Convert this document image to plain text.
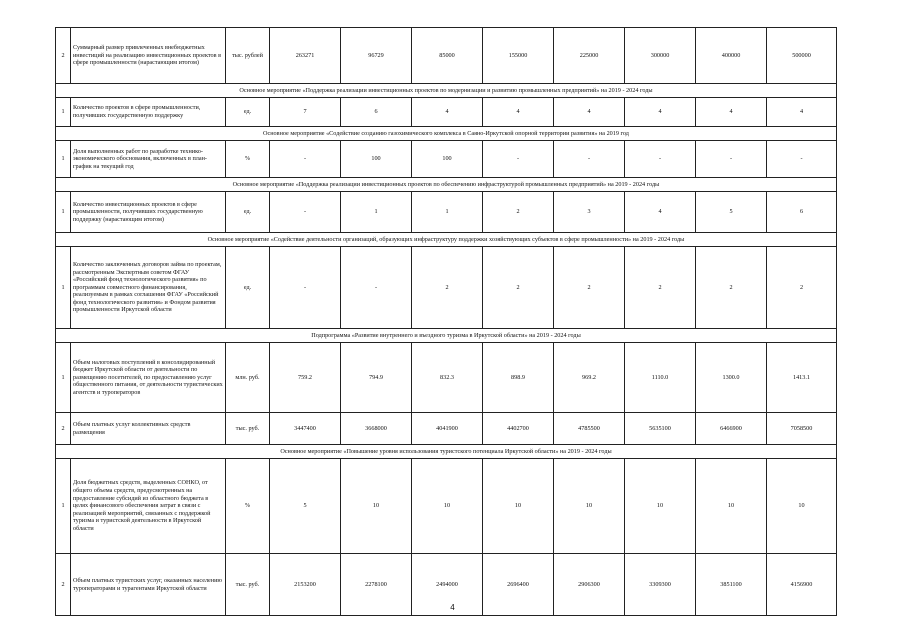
2	Суммарный размер привлеченных внебюджетных инвестиций на реализацию инвестиционных проектов в сфере промышленности (нарастающим итогом)	тыс. рублей	263271	96729	85000	155000	225000	300000	400000	500000
Основное мероприятие «Поддержка реализации инвестиционных проектов по модернизации и развитию промышленных предприятий» на 2019 - 2024 годы										
1	Количество проектов в сфере промышленности, получивших государственную поддержку	ед.	7	6	4	4	4	4	4	4
Основное мероприятие «Содействие созданию газохимического комплекса в Саяно-Иркутской опорной территории развития» на 2019 год										
1	Доля выполненных работ по разработке технико-экономического обоснования, включенных в план-график на текущий год	%	-	100	100	-	-	-	-	-
Основное мероприятие «Поддержка реализации инвестиционных проектов по обеспечению инфраструктурой промышленных предприятий» на 2019 - 2024 годы										
1	Количество инвестиционных проектов в сфере промышленности, получивших государственную поддержку (нарастающим итогом)	ед.	-	1	1	2	3	4	5	6
Основное мероприятие «Содействие деятельности организаций, образующих инфраструктуру поддержки хозяйствующих субъектов в сфере промышленности» на 2019 - 2024 годы										
1	Количество заключенных договоров займа по проектам, рассмотренным Экспертным советом ФГАУ «Российский фонд технологического развития» по программам совместного финансирования, реализуемым в рамках соглашения ФГАУ «Российский фонд технологического развития» и Фондом развития промышленности Иркутской области	ед.	-	-	2	2	2	2	2	2
Подпрограмма «Развитие внутреннего и въездного туризма в Иркутской области» на 2019 - 2024 годы										
1	Объем налоговых поступлений в консолидированный бюджет Иркутской области от деятельности по размещению посетителей, по предоставлению услуг общественного питания, от деятельности туристических агентств и туроператоров	млн. руб.	759.2	794.9	832.3	898.9	969.2	1110.0	1300.0	1413.1
2	Объем платных услуг коллективных средств размещения	тыс. руб.	3447400	3668000	4041900	4402700	4785500	5635100	6466900	7058500
Основное мероприятие «Повышение уровня использования туристского потенциала Иркутской области» на 2019 - 2024 годы										
1	Доля бюджетных средств, выделенных СОНКО, от общего объема средств, предусмотренных на предоставление субсидий из областного бюджета в целях финансового обеспечения затрат в связи с реализацией мероприятий, связанных с поддержкой туризма и туристской деятельности в Иркутской области	%	5	10	10	10	10	10	10	10
2	Объем платных туристских услуг, оказанных населению туроператорами и турагентами Иркутской области	тыс. руб.	2153200	2278100	2494000	2696400	2906300	3309300	3851100	4156900
4
